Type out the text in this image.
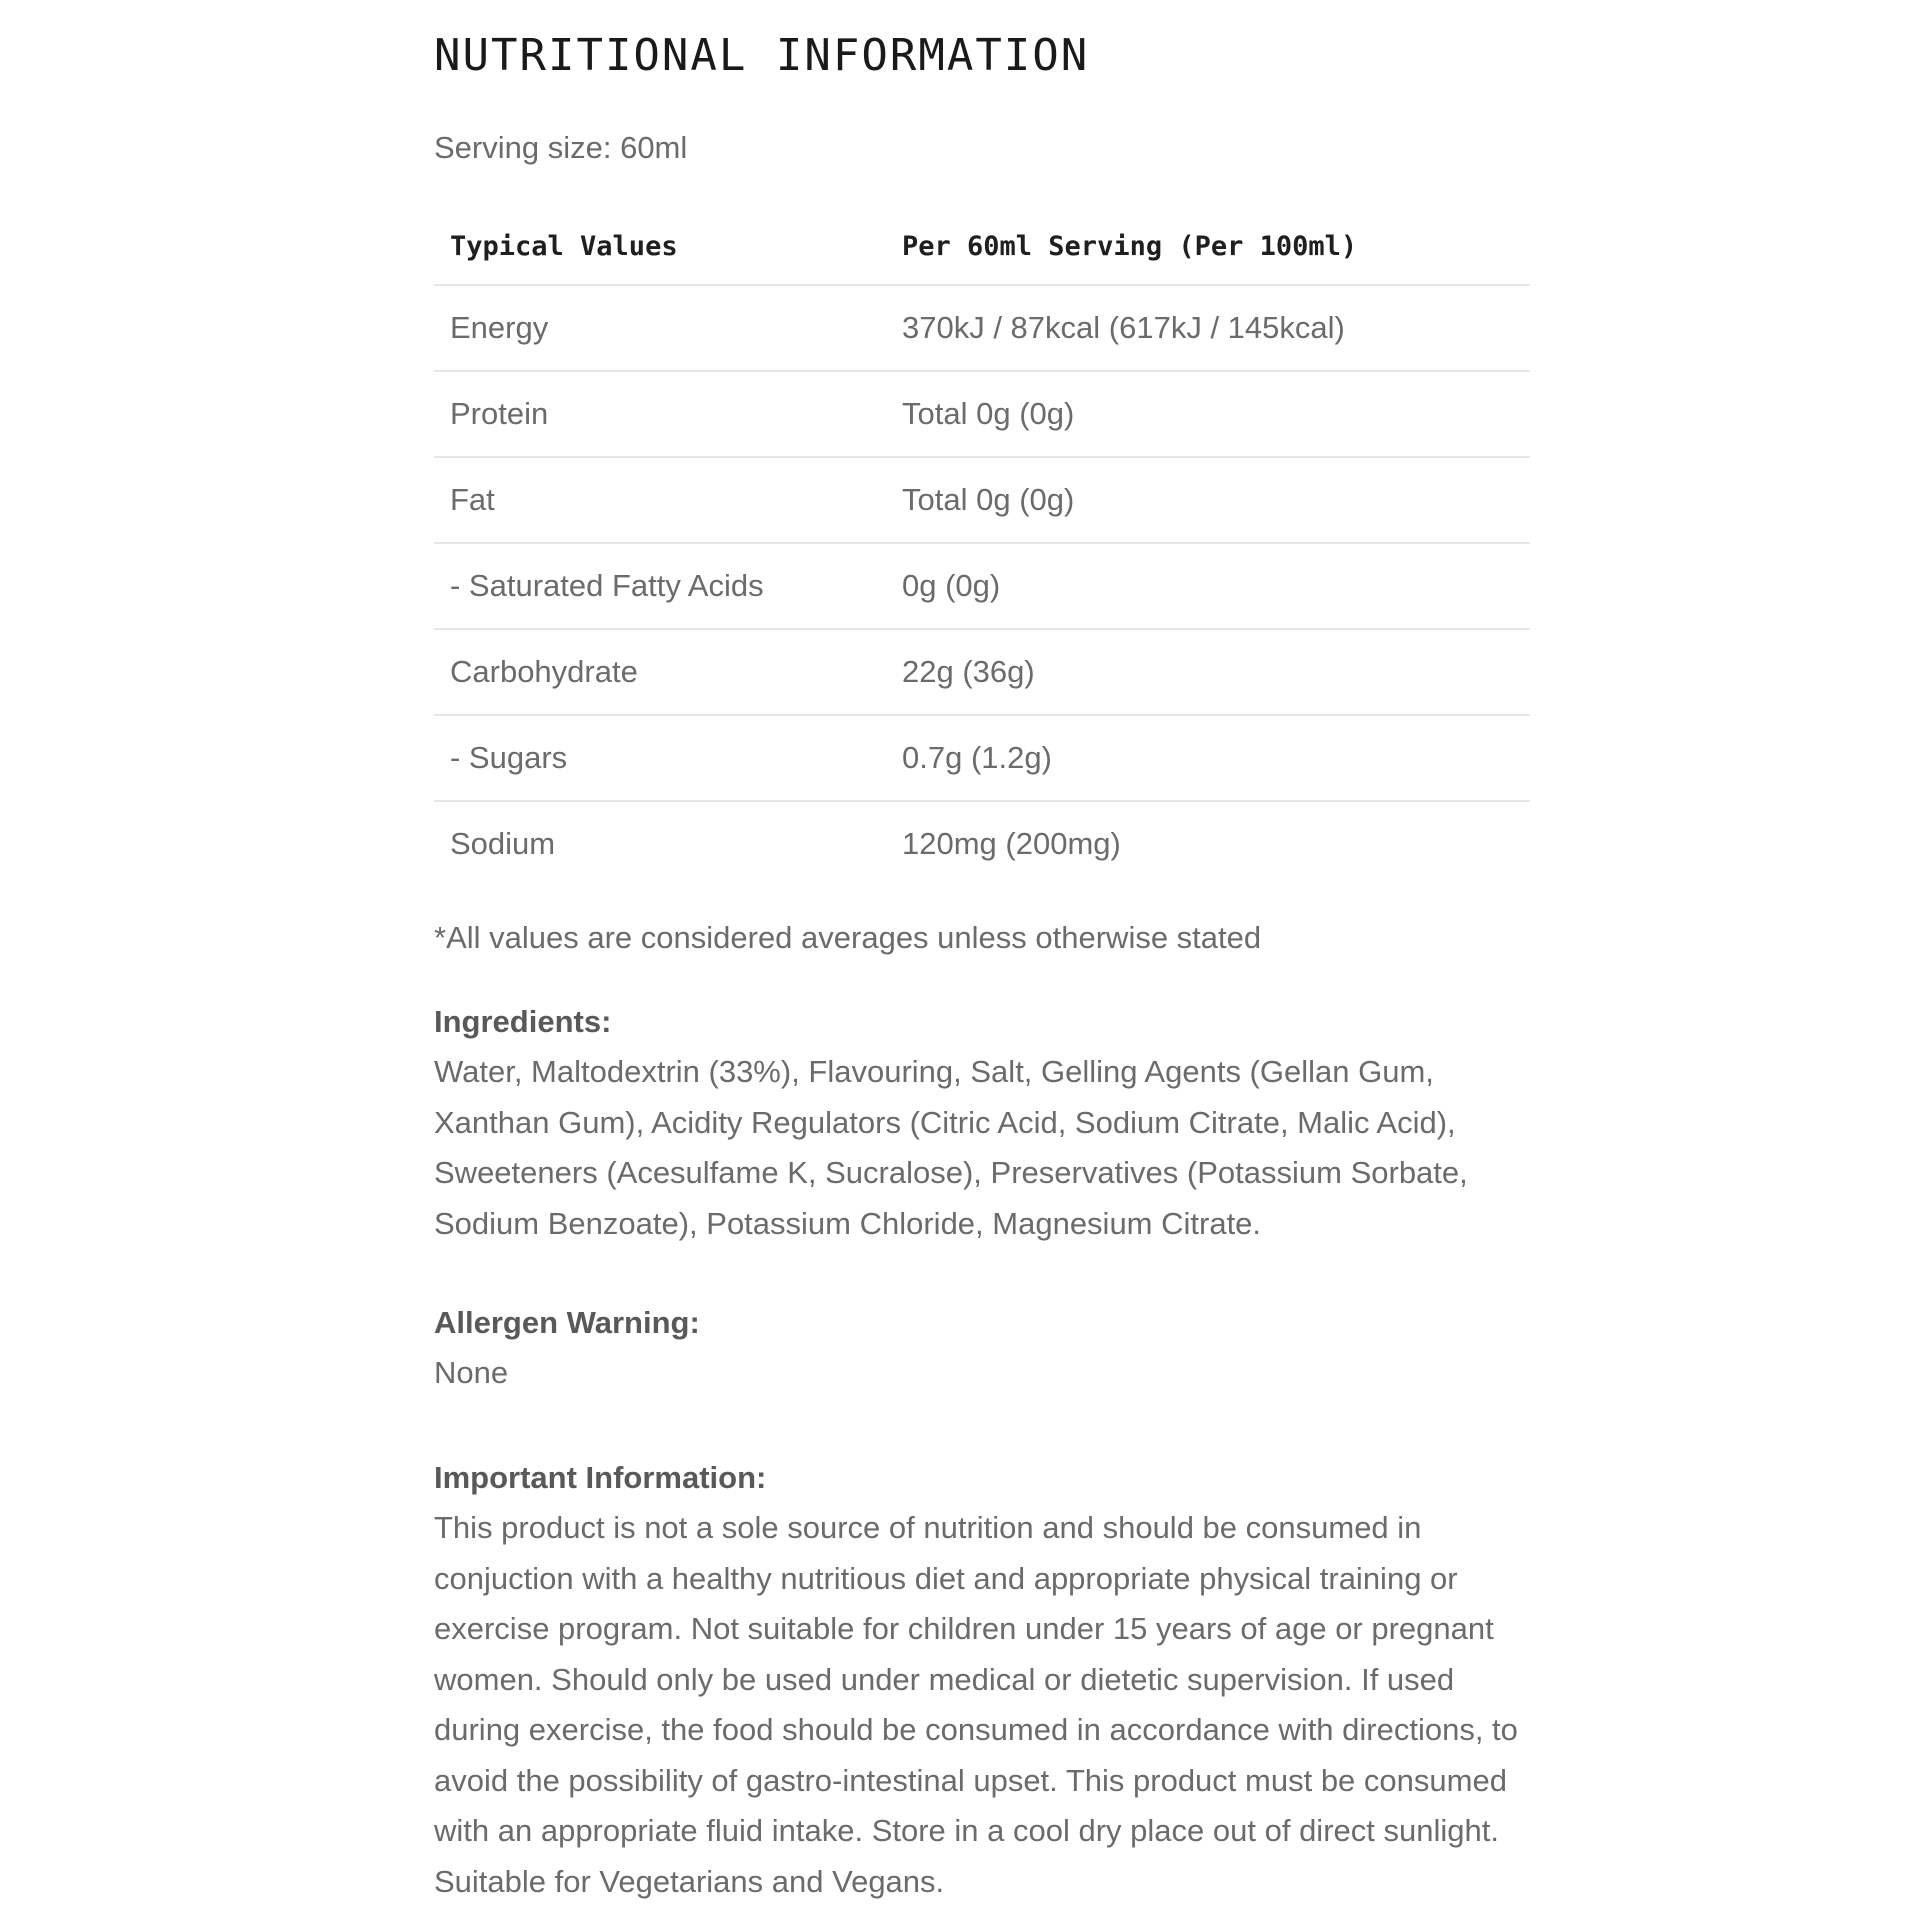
NUTRITIONAL INFORMATION
Serving size: 60ml
Typical Values	Per 60ml Serving (Per 100ml)
Energy	370kJ / 87kcal (617kJ / 145kcal)
Protein	Total 0g (0g)
Fat	Total 0g (0g)
- Saturated Fatty Acids	0g (0g)
Carbohydrate	22g (36g)
- Sugars	0.7g (1.2g)
Sodium	120mg (200mg)
*All values are considered averages unless otherwise stated
Ingredients:
Water, Maltodextrin (33%), Flavouring, Salt, Gelling Agents (Gellan Gum, Xanthan Gum), Acidity Regulators (Citric Acid, Sodium Citrate, Malic Acid), Sweeteners (Acesulfame K, Sucralose), Preservatives (Potassium Sorbate, Sodium Benzoate), Potassium Chloride, Magnesium Citrate.
Allergen Warning:
None
Important Information:
This product is not a sole source of nutrition and should be consumed in conjuction with a healthy nutritious diet and appropriate physical training or exercise program. Not suitable for children under 15 years of age or pregnant women. Should only be used under medical or dietetic supervision. If used during exercise, the food should be consumed in accordance with directions, to avoid the possibility of gastro-intestinal upset. This product must be consumed with an appropriate fluid intake. Store in a cool dry place out of direct sunlight. Suitable for Vegetarians and Vegans.
